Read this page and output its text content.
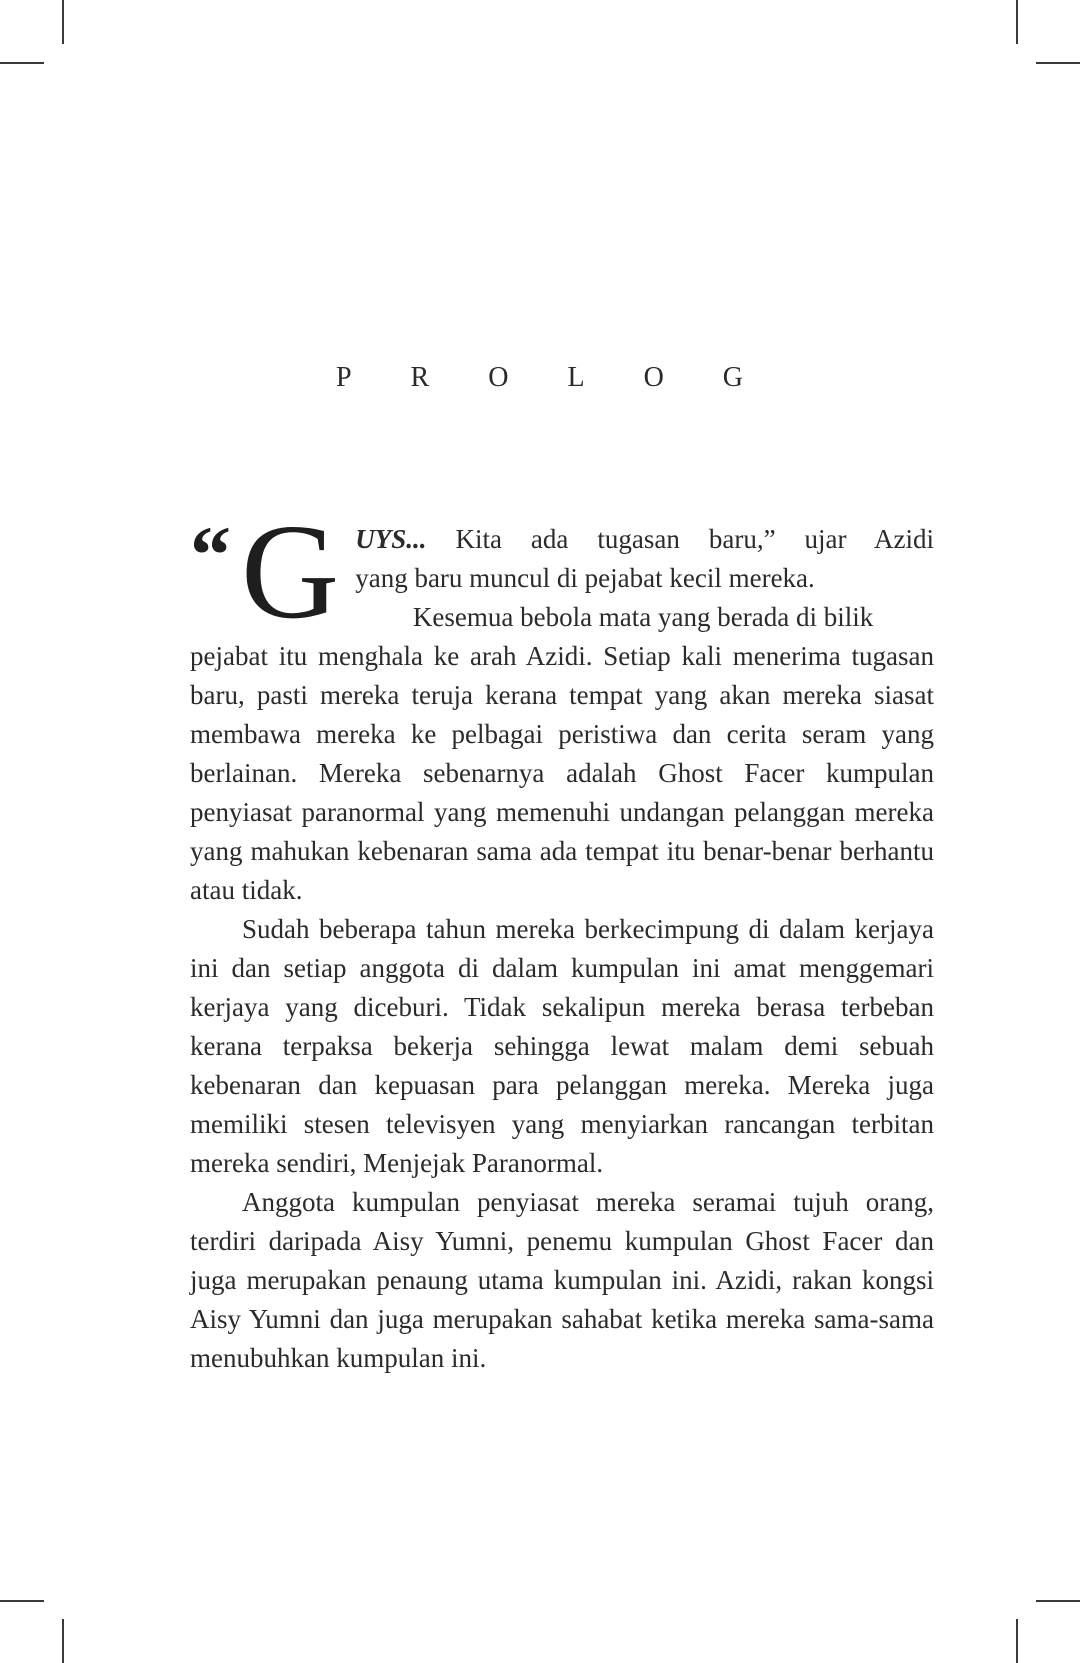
P R O L O G
“ G UYS... Kita ada tugasan baru,” ujar Azidi
yang baru muncul di pejabat kecil mereka.
Kesemua bebola mata yang berada di bilik

pejabat itu menghala ke arah Azidi. Setiap kali menerima tugasan baru, pasti mereka teruja kerana tempat yang akan mereka siasat membawa mereka ke pelbagai peristiwa dan cerita seram yang berlainan. Mereka sebenarnya adalah Ghost Facer kumpulan penyiasat paranormal yang memenuhi undangan pelanggan mereka yang mahukan kebenaran sama ada tempat itu benar-benar berhantu atau tidak.

Sudah beberapa tahun mereka berkecimpung di dalam kerjaya ini dan setiap anggota di dalam kumpulan ini amat menggemari kerjaya yang diceburi. Tidak sekalipun mereka berasa terbeban kerana terpaksa bekerja sehingga lewat malam demi sebuah kebenaran dan kepuasan para pelanggan mereka. Mereka juga memiliki stesen televisyen yang menyiarkan rancangan terbitan mereka sendiri, Menjejak Paranormal.

Anggota kumpulan penyiasat mereka seramai tujuh orang, terdiri daripada Aisy Yumni, penemu kumpulan Ghost Facer dan juga merupakan penaung utama kumpulan ini. Azidi, rakan kongsi Aisy Yumni dan juga merupakan sahabat ketika mereka sama-sama menubuhkan kumpulan ini.
